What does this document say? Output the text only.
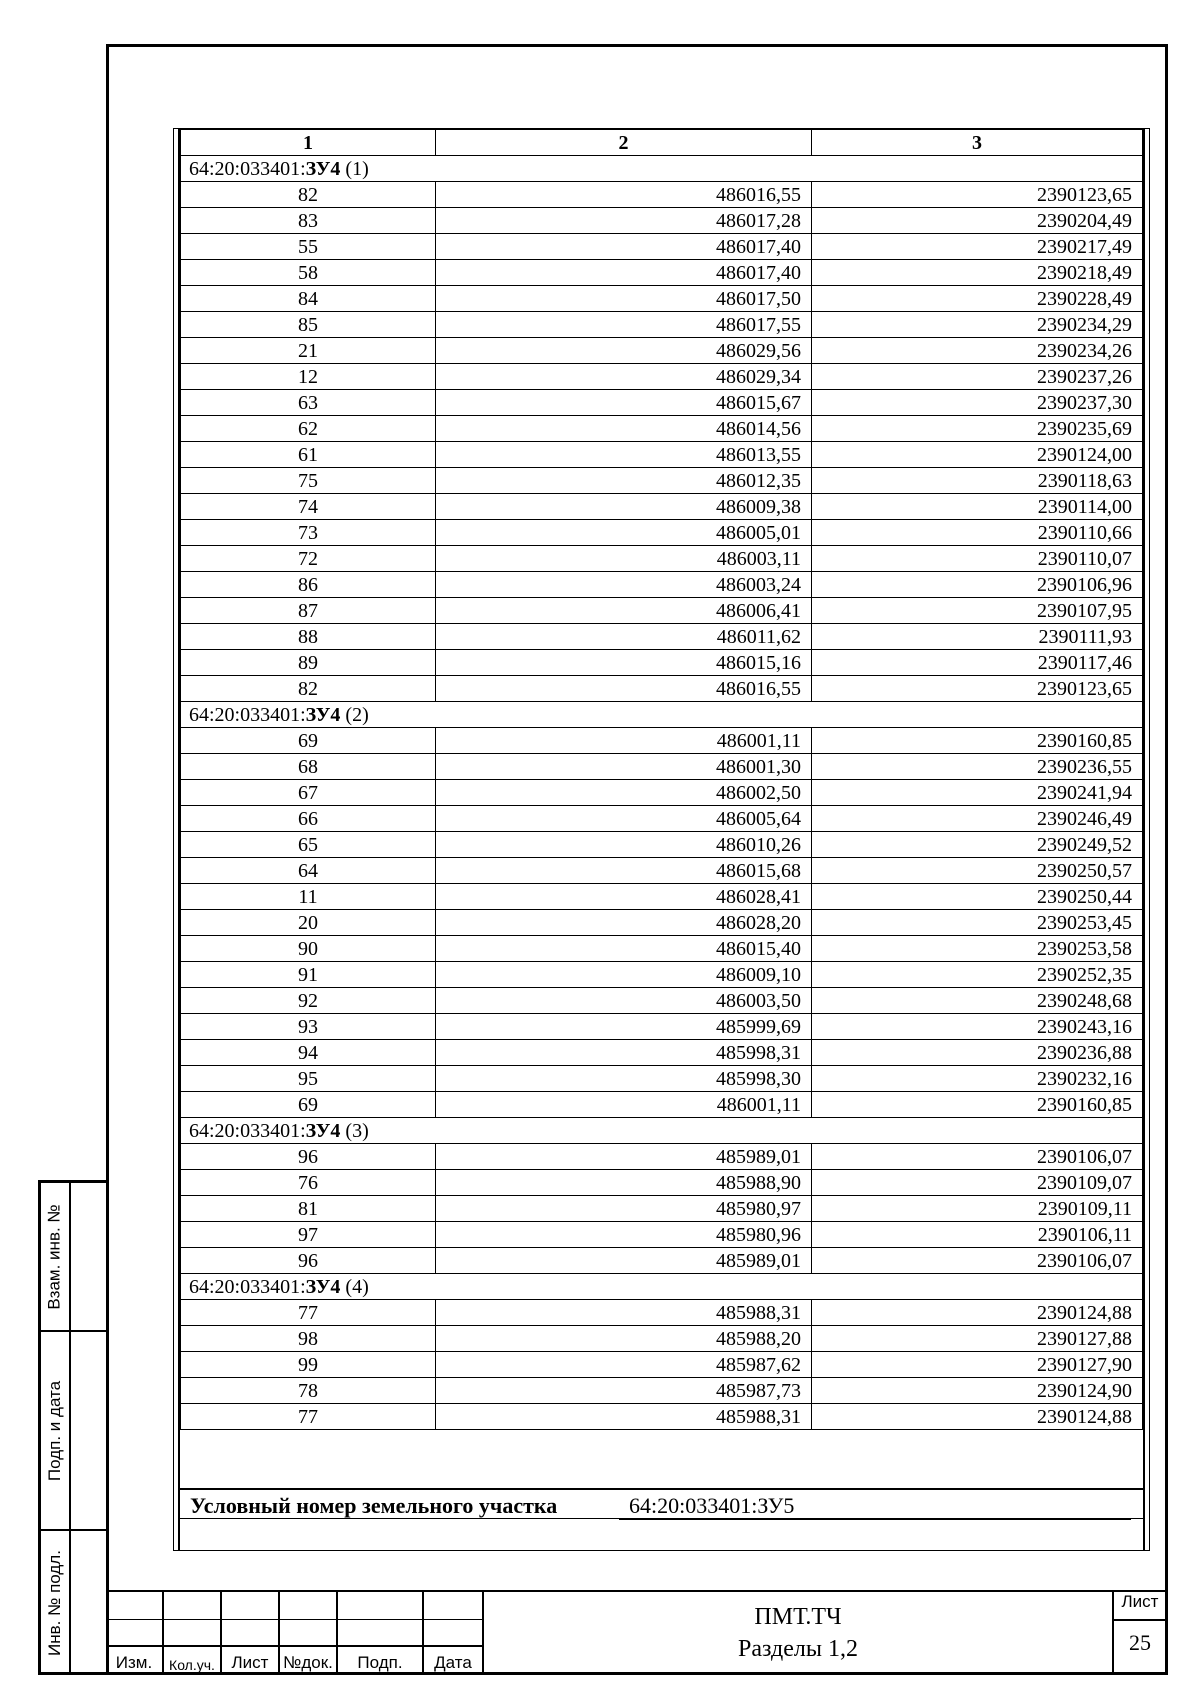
1	2	3
64:20:033401:ЗУ4 (1)		
82	486016,55	2390123,65
83	486017,28	2390204,49
55	486017,40	2390217,49
58	486017,40	2390218,49
84	486017,50	2390228,49
85	486017,55	2390234,29
21	486029,56	2390234,26
12	486029,34	2390237,26
63	486015,67	2390237,30
62	486014,56	2390235,69
61	486013,55	2390124,00
75	486012,35	2390118,63
74	486009,38	2390114,00
73	486005,01	2390110,66
72	486003,11	2390110,07
86	486003,24	2390106,96
87	486006,41	2390107,95
88	486011,62	2390111,93
89	486015,16	2390117,46
82	486016,55	2390123,65
64:20:033401:ЗУ4 (2)		
69	486001,11	2390160,85
68	486001,30	2390236,55
67	486002,50	2390241,94
66	486005,64	2390246,49
65	486010,26	2390249,52
64	486015,68	2390250,57
11	486028,41	2390250,44
20	486028,20	2390253,45
90	486015,40	2390253,58
91	486009,10	2390252,35
92	486003,50	2390248,68
93	485999,69	2390243,16
94	485998,31	2390236,88
95	485998,30	2390232,16
69	486001,11	2390160,85
64:20:033401:ЗУ4 (3)		
96	485989,01	2390106,07
76	485988,90	2390109,07
81	485980,97	2390109,11
97	485980,96	2390106,11
96	485989,01	2390106,07
64:20:033401:ЗУ4 (4)		
77	485988,31	2390124,88
98	485988,20	2390127,88
99	485987,62	2390127,90
78	485987,73	2390124,90
77	485988,31	2390124,88
Условный номер земельного участка	64:20:033401:ЗУ5
Взам. инв. №
Подп. и дата
Инв. № подл.
Изм.	Кол.уч. Лист №док.	Подп.	Дата
ПМТ.ТЧ
Разделы 1,2
Лист
25
